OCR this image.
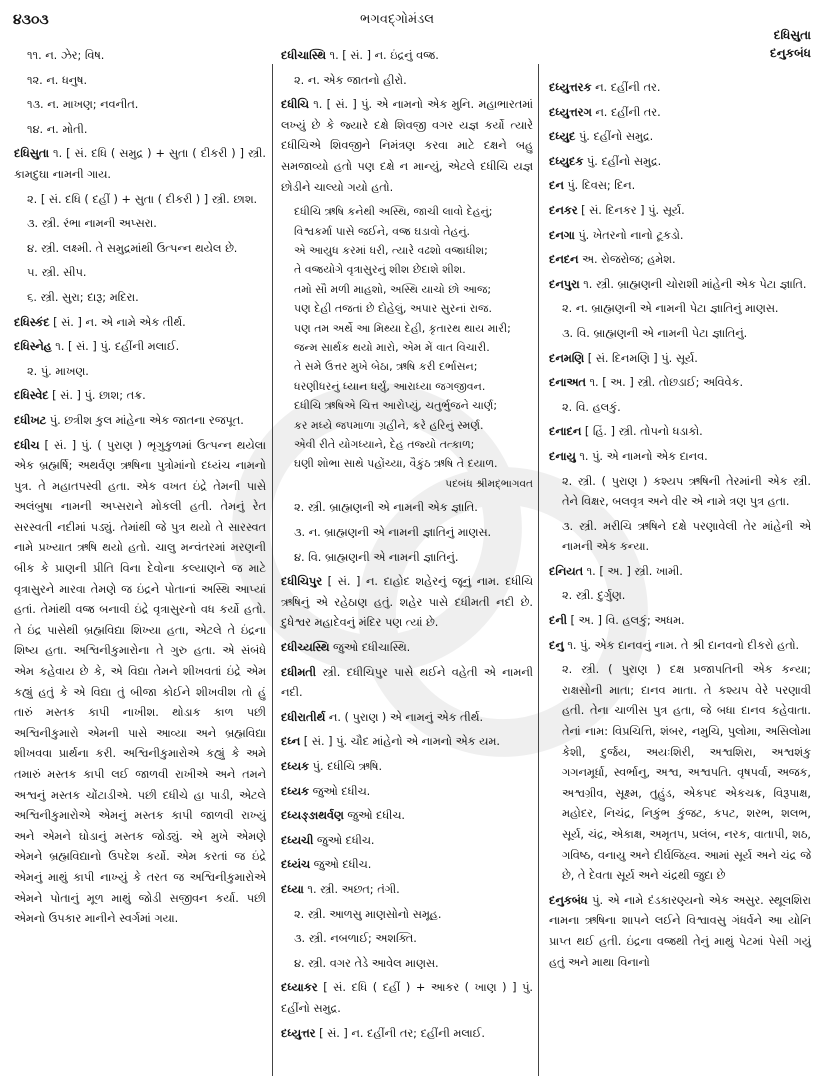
૪૩૦૩	ભગવદ્ગોમંડલ
દધિસુતા
દનુકબંધ
૧૧. ન. ઝેર; વિષ.
૧૨. ન. ધનુષ.
૧૩. ન. માખણ; નવનીત.
૧૪. ન. મોતી.
દધિસુતા ૧. [ સં. દધિ ( સમુદ્ર ) + સુતા ( દીકરી ) ] સ્ત્રી. કામદુઘા નામની ગાય.
૨. [ સં. દધિ ( દહીં ) + સુતા ( દીકરી ) ] સ્ત્રી. છાશ.
૩. સ્ત્રી. રંભા નામની અપ્સરા.
૪. સ્ત્રી. લક્ષ્મી. તે સમુદ્રમાંથી ઉત્પન્ન થયેલ છે.
૫. સ્ત્રી. સીપ.
૬. સ્ત્રી. સુરા; દારૂ; મદિરા.
દધિસ્કંદ [ સં. ] ન. એ નામે એક તીર્થ.
દધિસ્નેહ ૧. [ સં. ] પું. દહીંની મલાઈ.
૨. પું. માખણ.
દધિસ્વેદ [ સં. ] પું. છાશ; તક્ર.
દધીખટ પું. છત્રીશ કુલ માંહેના એક જાતના રજપૂત.
દધીચ [ સં. ] પું. ( પુરાણ ) ભૃગુકુળમાં ઉત્પન્ન થયેલા એક બ્રહ્મર્ષિ; અથર્વણ ઋષિના પુત્રોમાંનો દધ્યંચ નામનો પુત્ર. તે મહાતપસ્વી હતા. એક વખત ઇંદ્રે તેમની પાસે અલંબુષા નામની અપ્સરાને મોકલી હતી. તેમનું રેત સરસ્વતી નદીમાં પડ્યું. તેમાંથી જે પુત્ર થયો તે સારસ્વત નામે પ્રખ્યાત ઋષિ થયો હતો. ચાલુ મન્વંતરમાં મરણની બીક કે પ્રાણની પ્રીતિ વિના દેવોના કલ્યાણને જ માટે વૃત્રાસુરને મારવા તેમણે જ ઇંદ્રને પોતાનાં અસ્થિ આપ્યાં હતાં. તેમાંથી વજ્ર બનાવી ઇંદ્રે વૃત્રાસુરનો વધ કર્યો હતો. તે ઇંદ્ર પાસેથી બ્રહ્મવિદ્યા શિખ્યા હતા, એટલે તે ઇંદ્રના શિષ્ય હતા. અશ્વિનીકુમારોના તે ગુરુ હતા. એ સંબંધે એમ કહેવાય છે કે, એ વિદ્યા તેમને શીખવતાં ઇંદ્રે એમ કહ્યું હતું કે એ વિદ્યા તું બીજા કોઈને શીખવીશ તો હું તારું મસ્તક કાપી નાખીશ. થોડાક કાળ પછી અશ્વિનીકુમારો એમની પાસે આવ્યા અને બ્રહ્મવિદ્યા શીખવવા પ્રાર્થના કરી. અશ્વિનીકુમારોએ કહ્યું કે અમે તમારું મસ્તક કાપી લઈ જાળવી રાખીએ અને તમને અશ્વનું મસ્તક ચોંટાડીએ. પછી દધીચે હા પાડી, એટલે અશ્વિનીકુમારોએ એમનું મસ્તક કાપી જાળવી રાખ્યું અને એમને ઘોડાનું મસ્તક જોડ્યું. એ મુખે એમણે એમને બ્રહ્મવિદ્યાનો ઉપદેશ કર્યો. એમ કરતાં જ ઇંદ્રે એમનું માથું કાપી નાખ્યું કે તરત જ અશ્વિનીકુમારોએ એમને પોતાનું મૂળ માથું જોડી સજીવન કર્યા. પછી એમનો ઉપકાર માનીને સ્વર્ગમાં ગયા.
દધીચાસ્થિ ૧. [ સં. ] ન. ઇંદ્રનું વજ્ર.
૨. ન. એક જાતનો હીરો.
દધીચિ ૧. [ સં. ] પું. એ નામનો એક મુનિ. મહાભારતમાં લખ્યું છે કે જ્યારે દક્ષે શિવજી વગર યજ્ઞ કર્યો ત્યારે દધીચિએ શિવજીને નિમંત્રણ કરવા માટે દક્ષને બહુ સમજાવ્યો હતો પણ દક્ષે ન માન્યું, એટલે દધીચિ યજ્ઞ છોડીને ચાલ્યો ગયો હતો.
દધીચિ ઋષિ કનેથી અસ્થિ, જાચી લાવો દેહનું;
વિશ્વકર્મા પાસે જઈને, વજ્ર ઘડાવો તેહનું.
એ આયુધ કરમાં ધરી, ત્યારે વઢશો વજ્રાધીશ;
તે વજ્રયોગે વૃત્રાસુરનું શીશ છેદાશે શીશ.
તમો સૌ મળી માહશો, અસ્થિ યાચો છો આજ;
પણ દેહી તજતાં છે દોહેલું, અપાર સુરનાં રાજ.
પણ તમ અર્થે આ મિથ્યા દેહી, કૃતારથ થાય મારી;
જન્મ સાર્થક થયો મારો, એમ મેં વાત વિચારી.
તે સમે ઉત્તર મુખે બેઠા, ઋષિ કરી દર્ભાસન;
ધરણીધરનું ધ્યાન ધર્યું, આરાધ્યા જગજીવન.
દધીચિ ઋષિએ ચિત્ત આરોપ્યું, ચતુર્ભુજને ચાર્ણ;
કર મધ્યે જપમાળા ગ્રહીને, કરે હરિનું સ્મર્ણ.
એવી રીતે યોગધ્યાને, દેહ તજ્યો તત્કાળ;
ઘણી શોભા સાથે પહોંચ્યા, વૈકુંઠ ઋષિ તે દયાળ.
પદબંધ શ્રીમદ્ભાગવત
૨. સ્ત્રી. બ્રાહ્મણની એ નામની એક જ્ઞાતિ.
૩. ન. બ્રાહ્મણની એ નામની જ્ઞાતિનું માણસ.
૪. વિ. બ્રાહ્મણની એ નામની જ્ઞાતિનું.
દધીચિપુર [ સં. ] ન. દાહોદ શહેરનું જૂનું નામ. દધીચિ ઋષિનું એ રહેઠાણ હતું. શહેર પાસે દધીમતી નદી છે. દુધેશ્વર મહાદેવનું મંદિર પણ ત્યાં છે.
દધીચ્યસ્થિ જુઓ દધીચાસ્થિ.
દધીમતી સ્ત્રી. દધીચિપુર પાસે થઈને વહેતી એ નામની નદી.
દધીરાતીર્થ ન. ( પુરાણ ) એ નામનું એક તીર્થ.
દધ્ન [ સં. ] પું. ચૌદ માંહેનો એ નામનો એક યમ.
દધ્યક પું. દધીચિ ઋષિ.
દધ્યક જુઓ દધીચ.
દધ્યઙ્ઙાથર્વણ જુઓ દધીચ.
દધ્યચી જુઓ દધીચ.
દધ્યંચ જુઓ દધીચ.
દધ્યા ૧. સ્ત્રી. અછત; તંગી.
૨. સ્ત્રી. આળસુ માણસોનો સમૂહ.
૩. સ્ત્રી. નબળાઈ; અશક્તિ.
૪. સ્ત્રી. વગર તેડે આવેલ માણસ.
દધ્યાકર [ સં. દધિ ( દહીં ) + આકર ( ખાણ ) ] પું. દહીંનો સમુદ્ર.
દધ્યુત્તર [ સં. ] ન. દહીંની તર; દહીંની મલાઈ.
દધ્યુત્તરક ન. દહીંની તર.
દધ્યુત્તરગ ન. દહીંની તર.
દધ્યુદ પું. દહીંનો સમુદ્ર.
દધ્યુદક પું. દહીંનો સમુદ્ર.
દન પું. દિવસ; દિન.
દનકર [ સં. દિનકર ] પું. સૂર્ય.
દનગા પું. ખેતરનો નાનો ટૂકડો.
દનદન અ. રોજરોજ; હમેશ.
દનપુરા ૧. સ્ત્રી. બ્રાહ્મણની ચોરાશી માંહેની એક પેટા જ્ઞાતિ.
૨. ન. બ્રાહ્મણની એ નામની પેટા જ્ઞાતિનું માણસ.
૩. વિ. બ્રાહ્મણની એ નામની પેટા જ્ઞાતિનું.
દનમણિ [ સં. દિનમણિ ] પું. સૂર્ય.
દનાઅત ૧. [ અ. ] સ્ત્રી. તોછડાઈ; અવિવેક.
૨. વિ. હલકું.
દનાદન [ હિં. ] સ્ત્રી. તોપનો ધડાકો.
દનાયુ ૧. પું. એ નામનો એક દાનવ.
૨. સ્ત્રી. ( પુરાણ ) કશ્યપ ઋષિની તેરમાંની એક સ્ત્રી. તેને વિક્ષર, બલવૃત્ર અને વીર એ નામે ત્રણ પુત્ર હતા.
૩. સ્ત્રી. મરીચિ ઋષિને દક્ષે પરણાવેલી તેર માંહેની એ નામની એક કન્યા.
દનિયત ૧. [ અ. ] સ્ત્રી. ખામી.
૨. સ્ત્રી. દુર્ગુણ.
દની [ અ. ] વિ. હલકું; અધમ.
દનુ ૧. પું. એક દાનવનું નામ. તે શ્રી દાનવનો દીકરો હતો.
૨. સ્ત્રી. ( પુરાણ ) દક્ષ પ્રજાપતિની એક કન્યા; રાક્ષસોની માતા; દાનવ માતા. તે કશ્યપ વેરે પરણાવી હતી. તેના ચાળીસ પુત્ર હતા, જે બધા દાનવ કહેવાતા. તેનાં નામ: વિપ્રચિત્તિ, શંબર, નમુચિ, પુલોમા, અસિલોમા કેશી, દુર્જય, અયઃશિરી, અશ્વશિરા, અશ્વશંકુ ગગનમૂર્ધા, સ્વર્ભાનુ, અશ્વ, અશ્વપતિ. વૃષપર્વા, અજક, અશ્વગ્રીવ, સૂક્ષ્મ, તુહુંડ, એકપદ એકચક્ર, વિરૂપાક્ષ, મહોદર, નિચંદ્ર, નિકુંભ કુંજટ, કપટ, શરભ, શલભ, સૂર્ય, ચંદ્ર, એકાક્ષ, અમૃતપ, પ્રલંબ, નરક, વાતાપી, શઠ, ગવિષ્ઠ, વનાયુ અને દીર્ઘજિહ્વ. આમાં સૂર્ય અને ચંદ્ર જે છે, તે દેવતા સૂર્ય અને ચંદ્રથી જુદા છે
દનુકબંધ પું. એ નામે દંડકારણ્યનો એક અસુર. સ્થૂલશિરા નામના ઋષિના શાપને લઈને વિશ્વાવસુ ગંધર્વને આ યોનિ પ્રાપ્ત થઈ હતી. ઇંદ્રના વજ્રથી તેનું માથું પેટમાં પેસી ગયું હતું અને માથા વિનાનો
